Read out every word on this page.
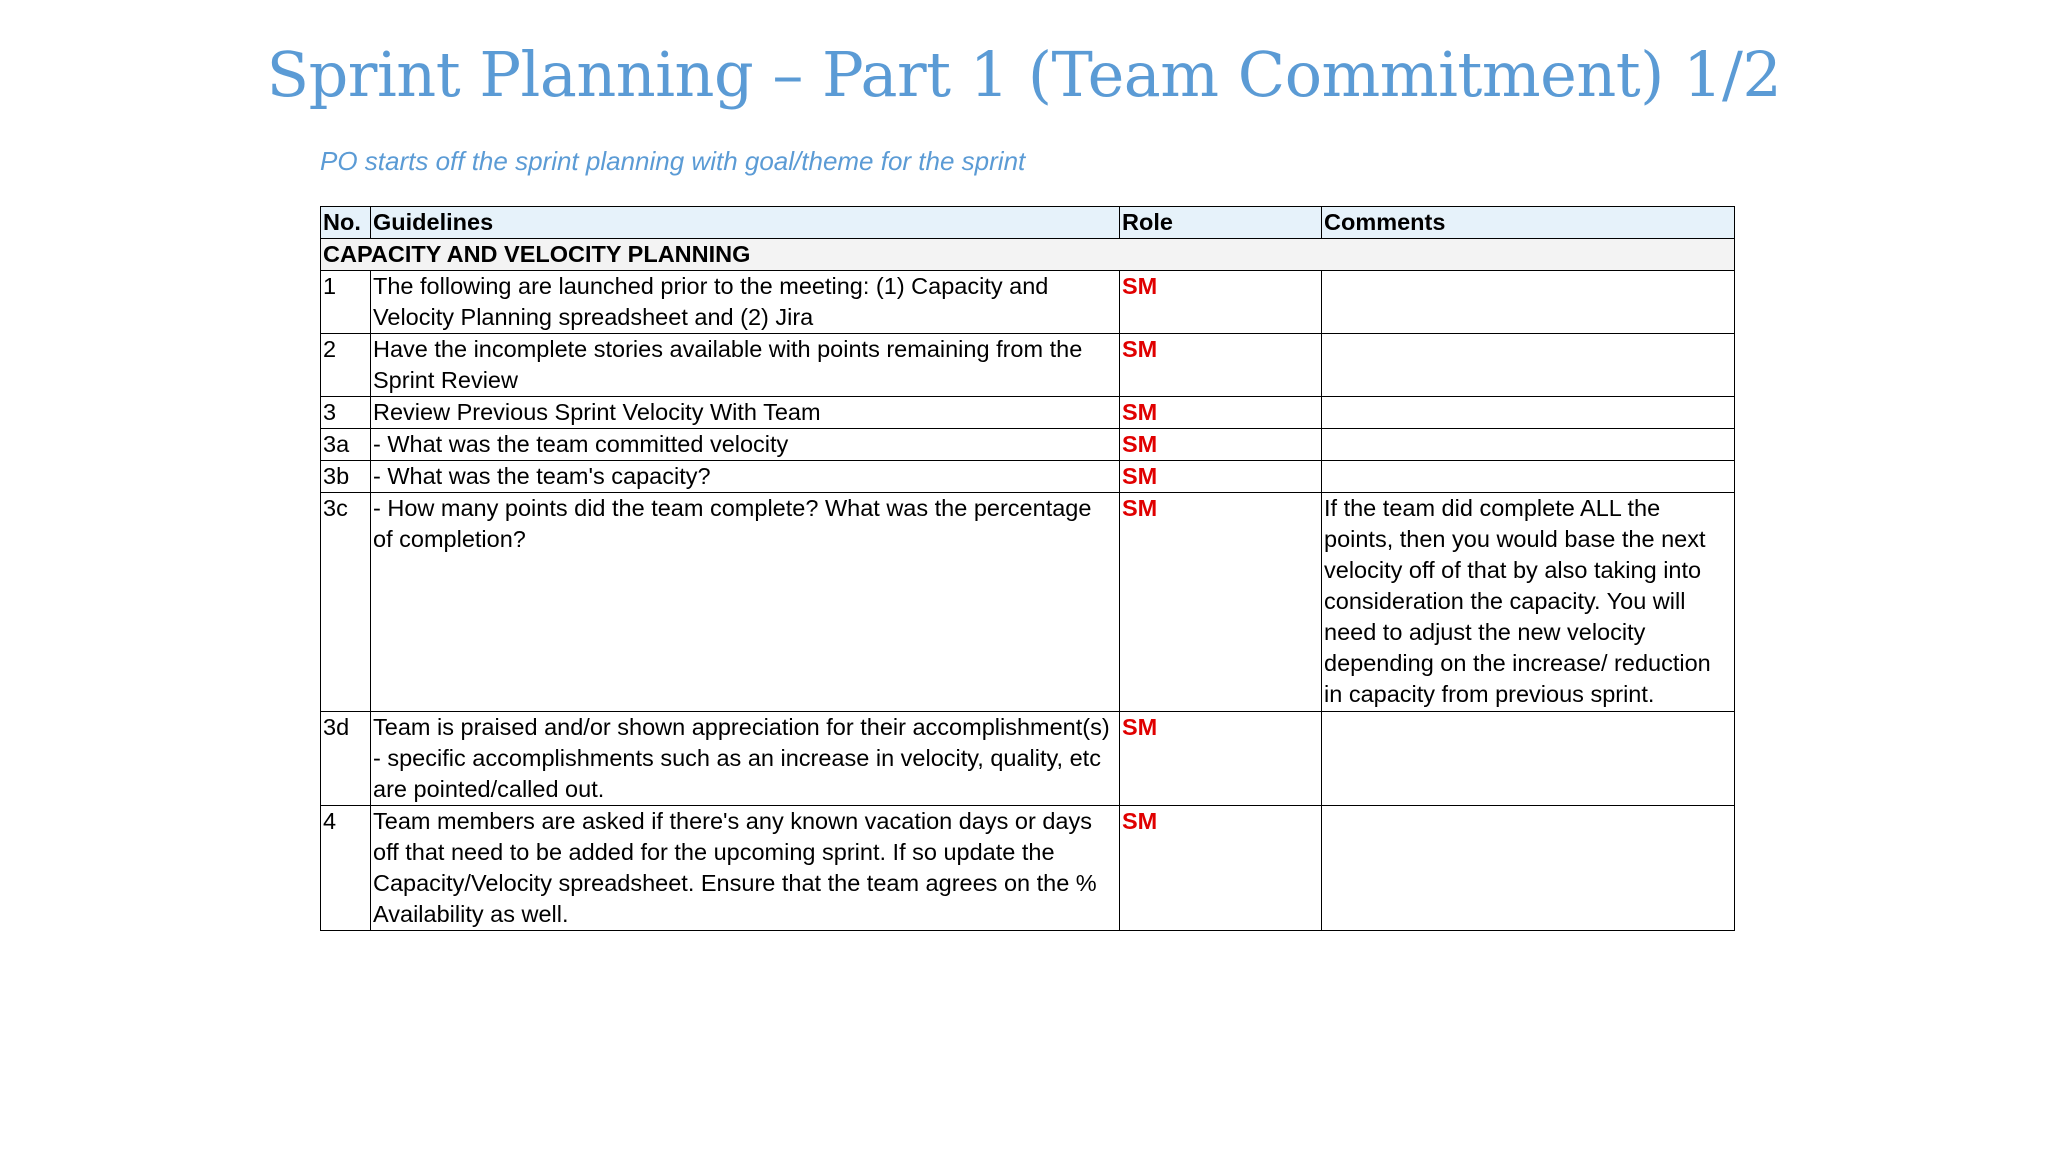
Sprint Planning – Part 1 (Team Commitment) 1/2
PO starts off the sprint planning with goal/theme for the sprint
No.	Guidelines	Role	Comments
CAPACITY AND VELOCITY PLANNING			
1	The following are launched prior to the meeting: (1) Capacity and Velocity Planning spreadsheet and (2) Jira	SM	
2	Have the incomplete stories available with points remaining from the Sprint Review	SM	
3	Review Previous Sprint Velocity With Team	SM	
3a	- What was the team committed velocity	SM	
3b	- What was the team's capacity?	SM	
3c	- How many points did the team complete? What was the percentage of completion?	SM	If the team did complete ALL the points, then you would base the next velocity off of that by also taking into consideration the capacity. You will need to adjust the new velocity depending on the increase/ reduction in capacity from previous sprint.
3d	Team is praised and/or shown appreciation for their accomplishment(s) - specific accomplishments such as an increase in velocity, quality, etc are pointed/called out.	SM	
4	Team members are asked if there's any known vacation days or days off that need to be added for the upcoming sprint. If so update the Capacity/Velocity spreadsheet. Ensure that the team agrees on the % Availability as well.	SM	
